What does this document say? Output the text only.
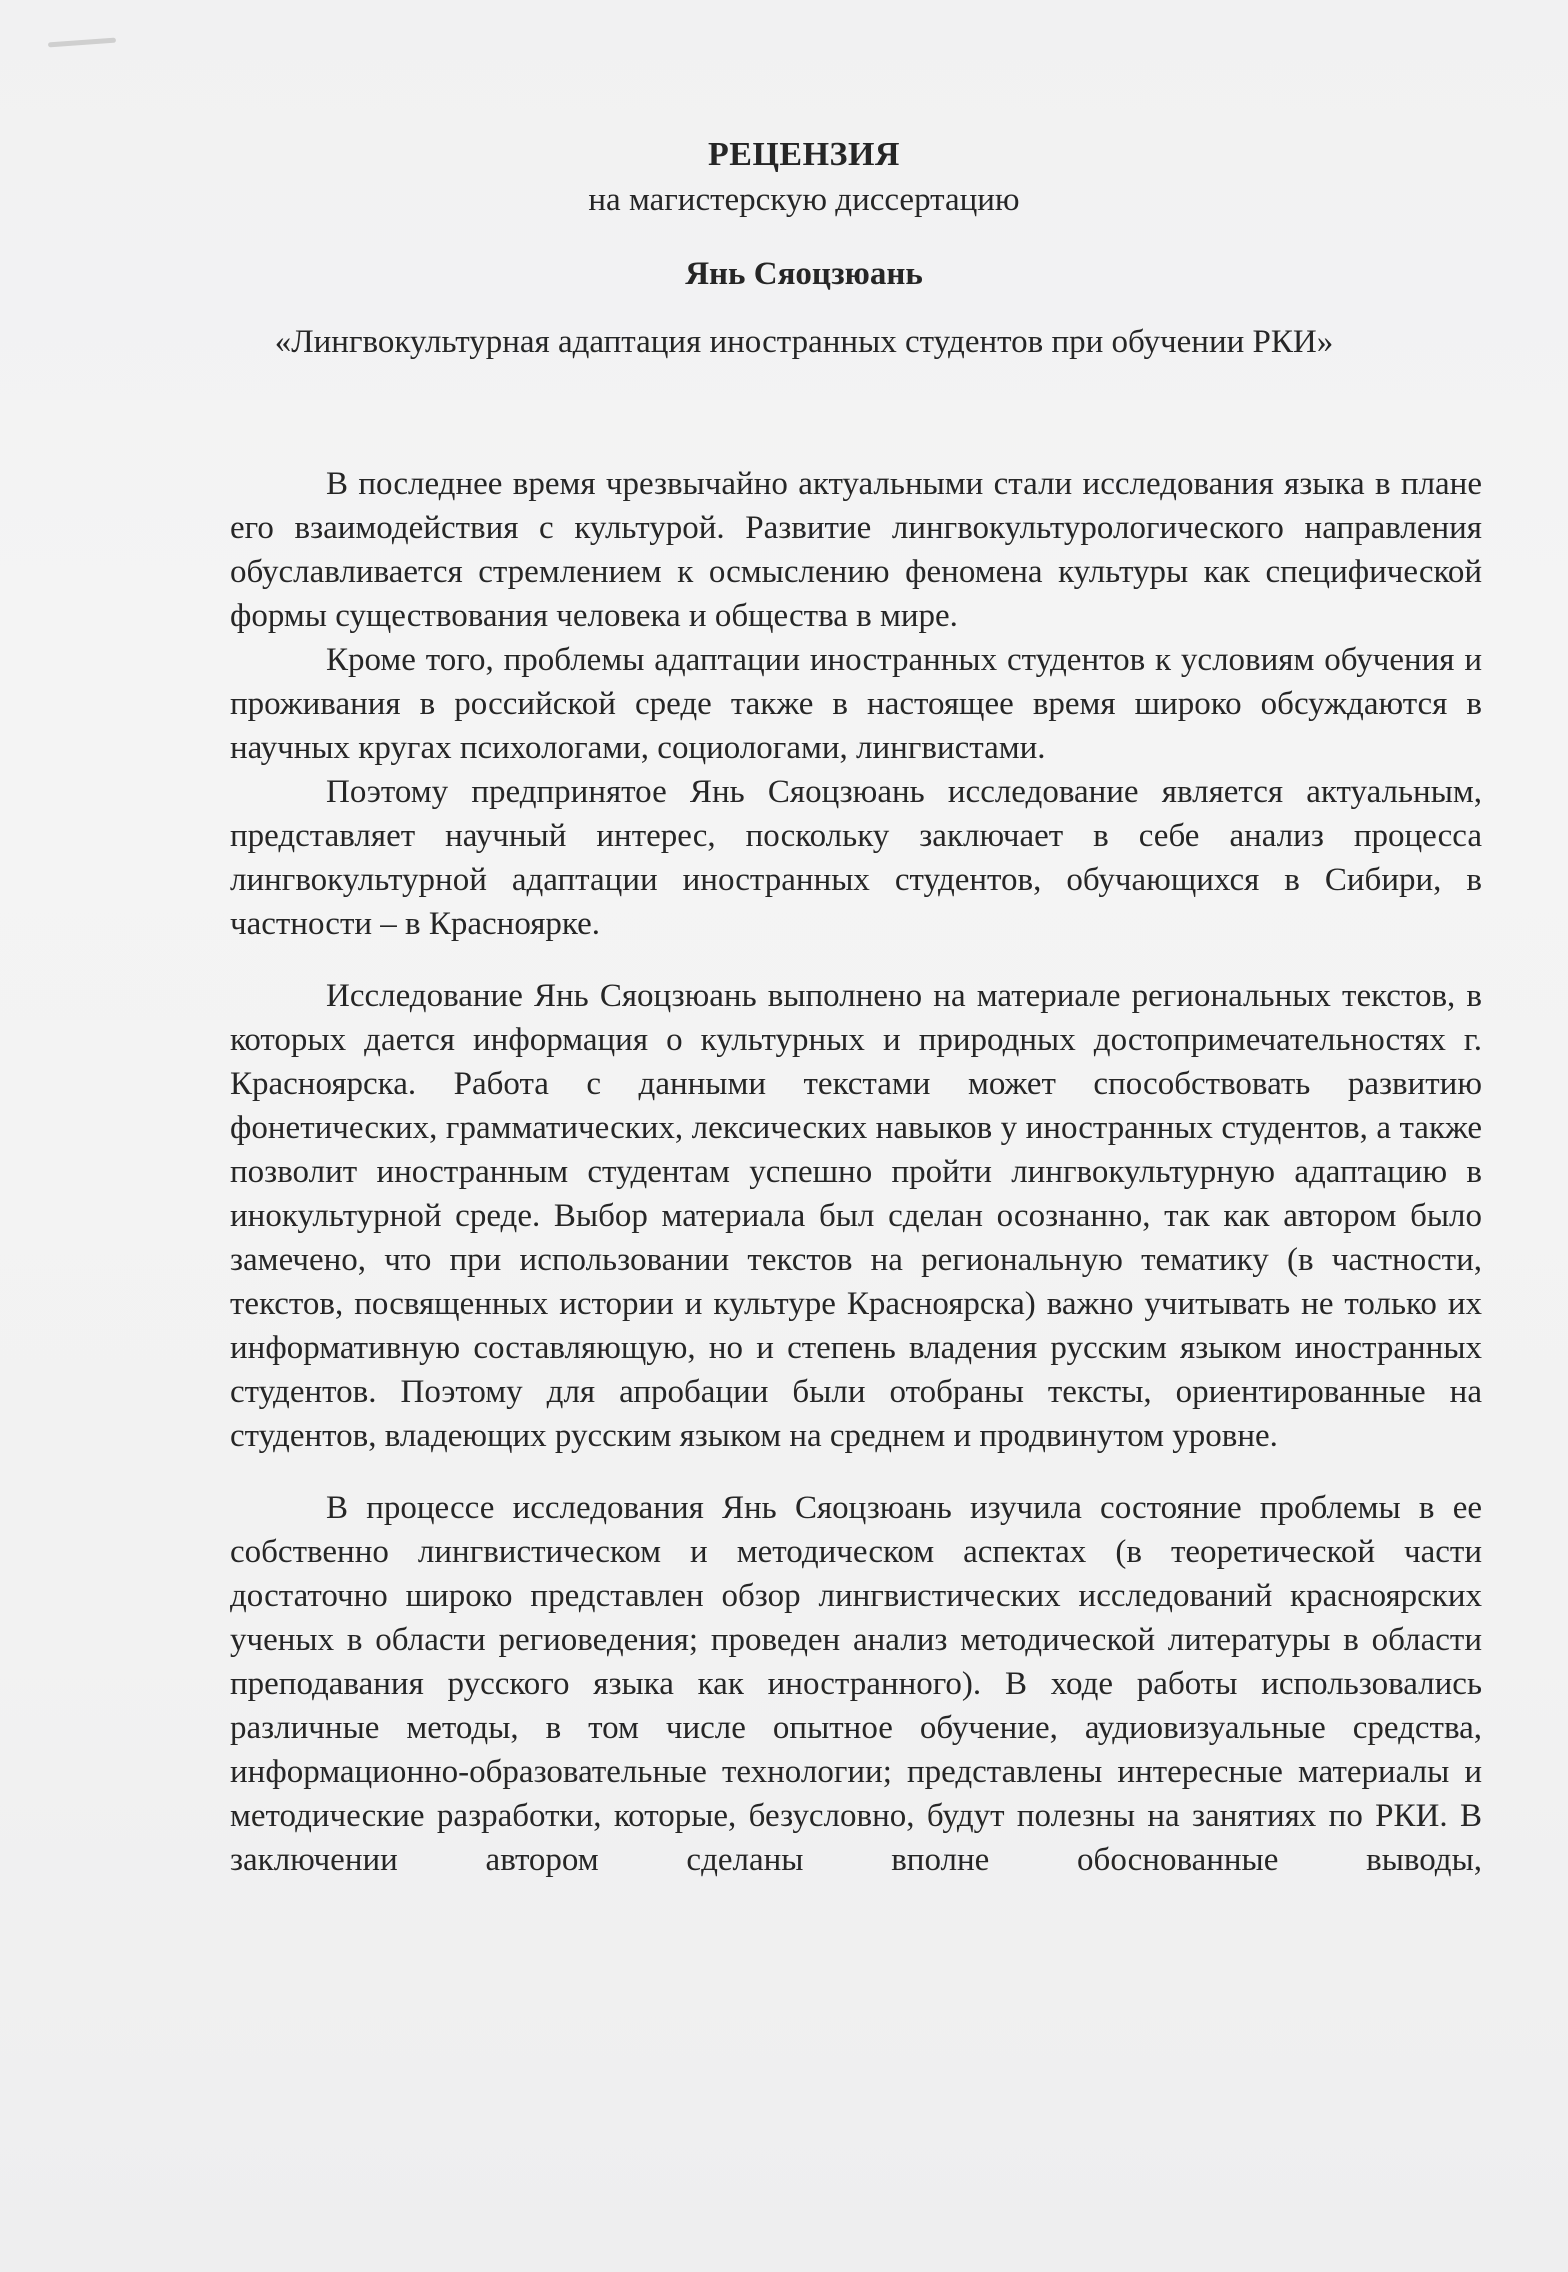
РЕЦЕНЗИЯ
на магистерскую диссертацию
Янь Сяоцзюань
«Лингвокультурная адаптация иностранных студентов при обучении РКИ»

В последнее время чрезвычайно актуальными стали исследования языка в плане его взаимодействия с культурой. Развитие лингвокультурологического направления обуславливается стремлением к осмыслению феномена культуры как специфической формы существования человека и общества в мире.

Кроме того, проблемы адаптации иностранных студентов к условиям обучения и проживания в российской среде также в настоящее время широко обсуждаются в научных кругах психологами, социологами, лингвистами.

Поэтому предпринятое Янь Сяоцзюань исследование является актуальным, представляет научный интерес, поскольку заключает в себе анализ процесса лингвокультурной адаптации иностранных студентов, обучающихся в Сибири, в частности – в Красноярке.

Исследование Янь Сяоцзюань выполнено на материале региональных текстов, в которых дается информация о культурных и природных достопримечательностях г. Красноярска. Работа с данными текстами может способствовать развитию фонетических, грамматических, лексических навыков у иностранных студентов, а также позволит иностранным студентам успешно пройти лингвокультурную адаптацию в инокультурной среде. Выбор материала был сделан осознанно, так как автором было замечено, что при использовании текстов на региональную тематику (в частности, текстов, посвященных истории и культуре Красноярска) важно учитывать не только их информативную составляющую, но и степень владения русским языком иностранных студентов. Поэтому для апробации были отобраны тексты, ориентированные на студентов, владеющих русским языком на среднем и продвинутом уровне.

В процессе исследования Янь Сяоцзюань изучила состояние проблемы в ее собственно лингвистическом и методическом аспектах (в теоретической части достаточно широко представлен обзор лингвистических исследований красноярских ученых в области региоведения; проведен анализ методической литературы в области преподавания русского языка как иностранного). В ходе работы использовались различные методы, в том числе опытное обучение, аудиовизуальные средства, информационно-образовательные технологии; представлены интересные материалы и методические разработки, которые, безусловно, будут полезны на занятиях по РКИ. В заключении автором сделаны вполне обоснованные выводы,
